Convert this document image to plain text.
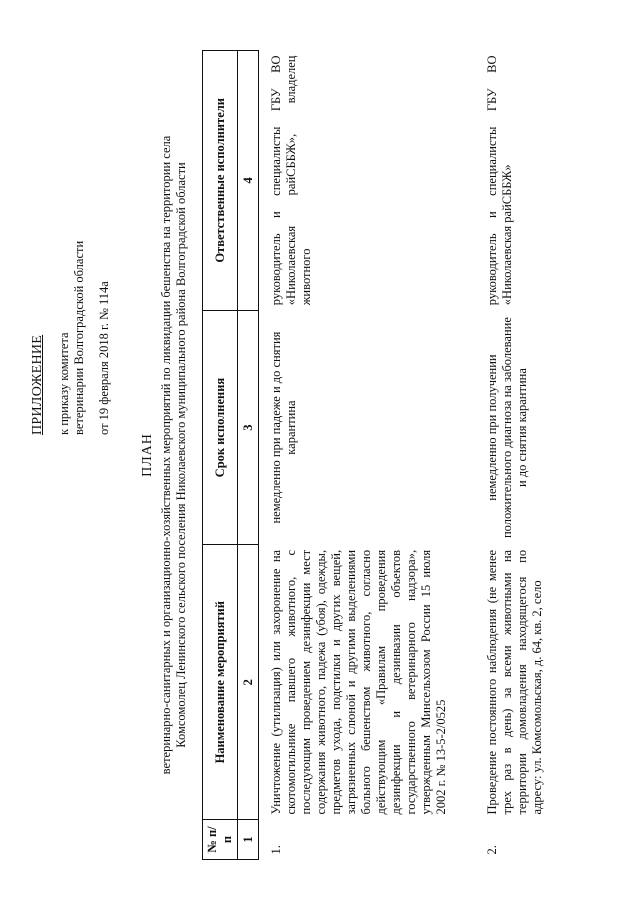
ПРИЛОЖЕНИЕ к приказу комитета ветеринарии Волгоградской области от 19 февраля 2018 г. № 114а
ПЛАН ветеринарно-санитарных и организационно-хозяйственных мероприятий по ликвидации бешенства на территории села Комсомолец Ленинского сельского поселения Николаевского муниципального района Волгоградской области
№ п/п	Наименование мероприятий	Срок исполнения	Ответственные исполнители
1	2	3	4
1.	Уничтожение (утилизация) или захоронение на скотомогильнике павшего животного, с последующим проведением дезинфекции мест содержания животного, падежа (убоя), одежды, предметов ухода, подстилки и других вещей, загрязненных слюной и другими выделениями больного бешенством животного, согласно действующим «Правилам проведения дезинфекции и дезинвазии объектов государственного ветеринарного надзора», утвержденным Минсельхозом России 15 июля 2002 г. № 13-5-2/0525	немедленно при падеже и до снятия карантина	руководитель и специалисты ГБУ ВО «Николаевская райСББЖ», владелец животного
2.	Проведение постоянного наблюдения (не менее трех раз в день) за всеми животными на территории домовладения находящегося по адресу: ул. Комсомольская, д. 64, кв. 2, село	немедленно при получении положительного диагноза на заболевание и до снятия карантина	руководитель и специалисты ГБУ ВО «Николаевская райСББЖ»
